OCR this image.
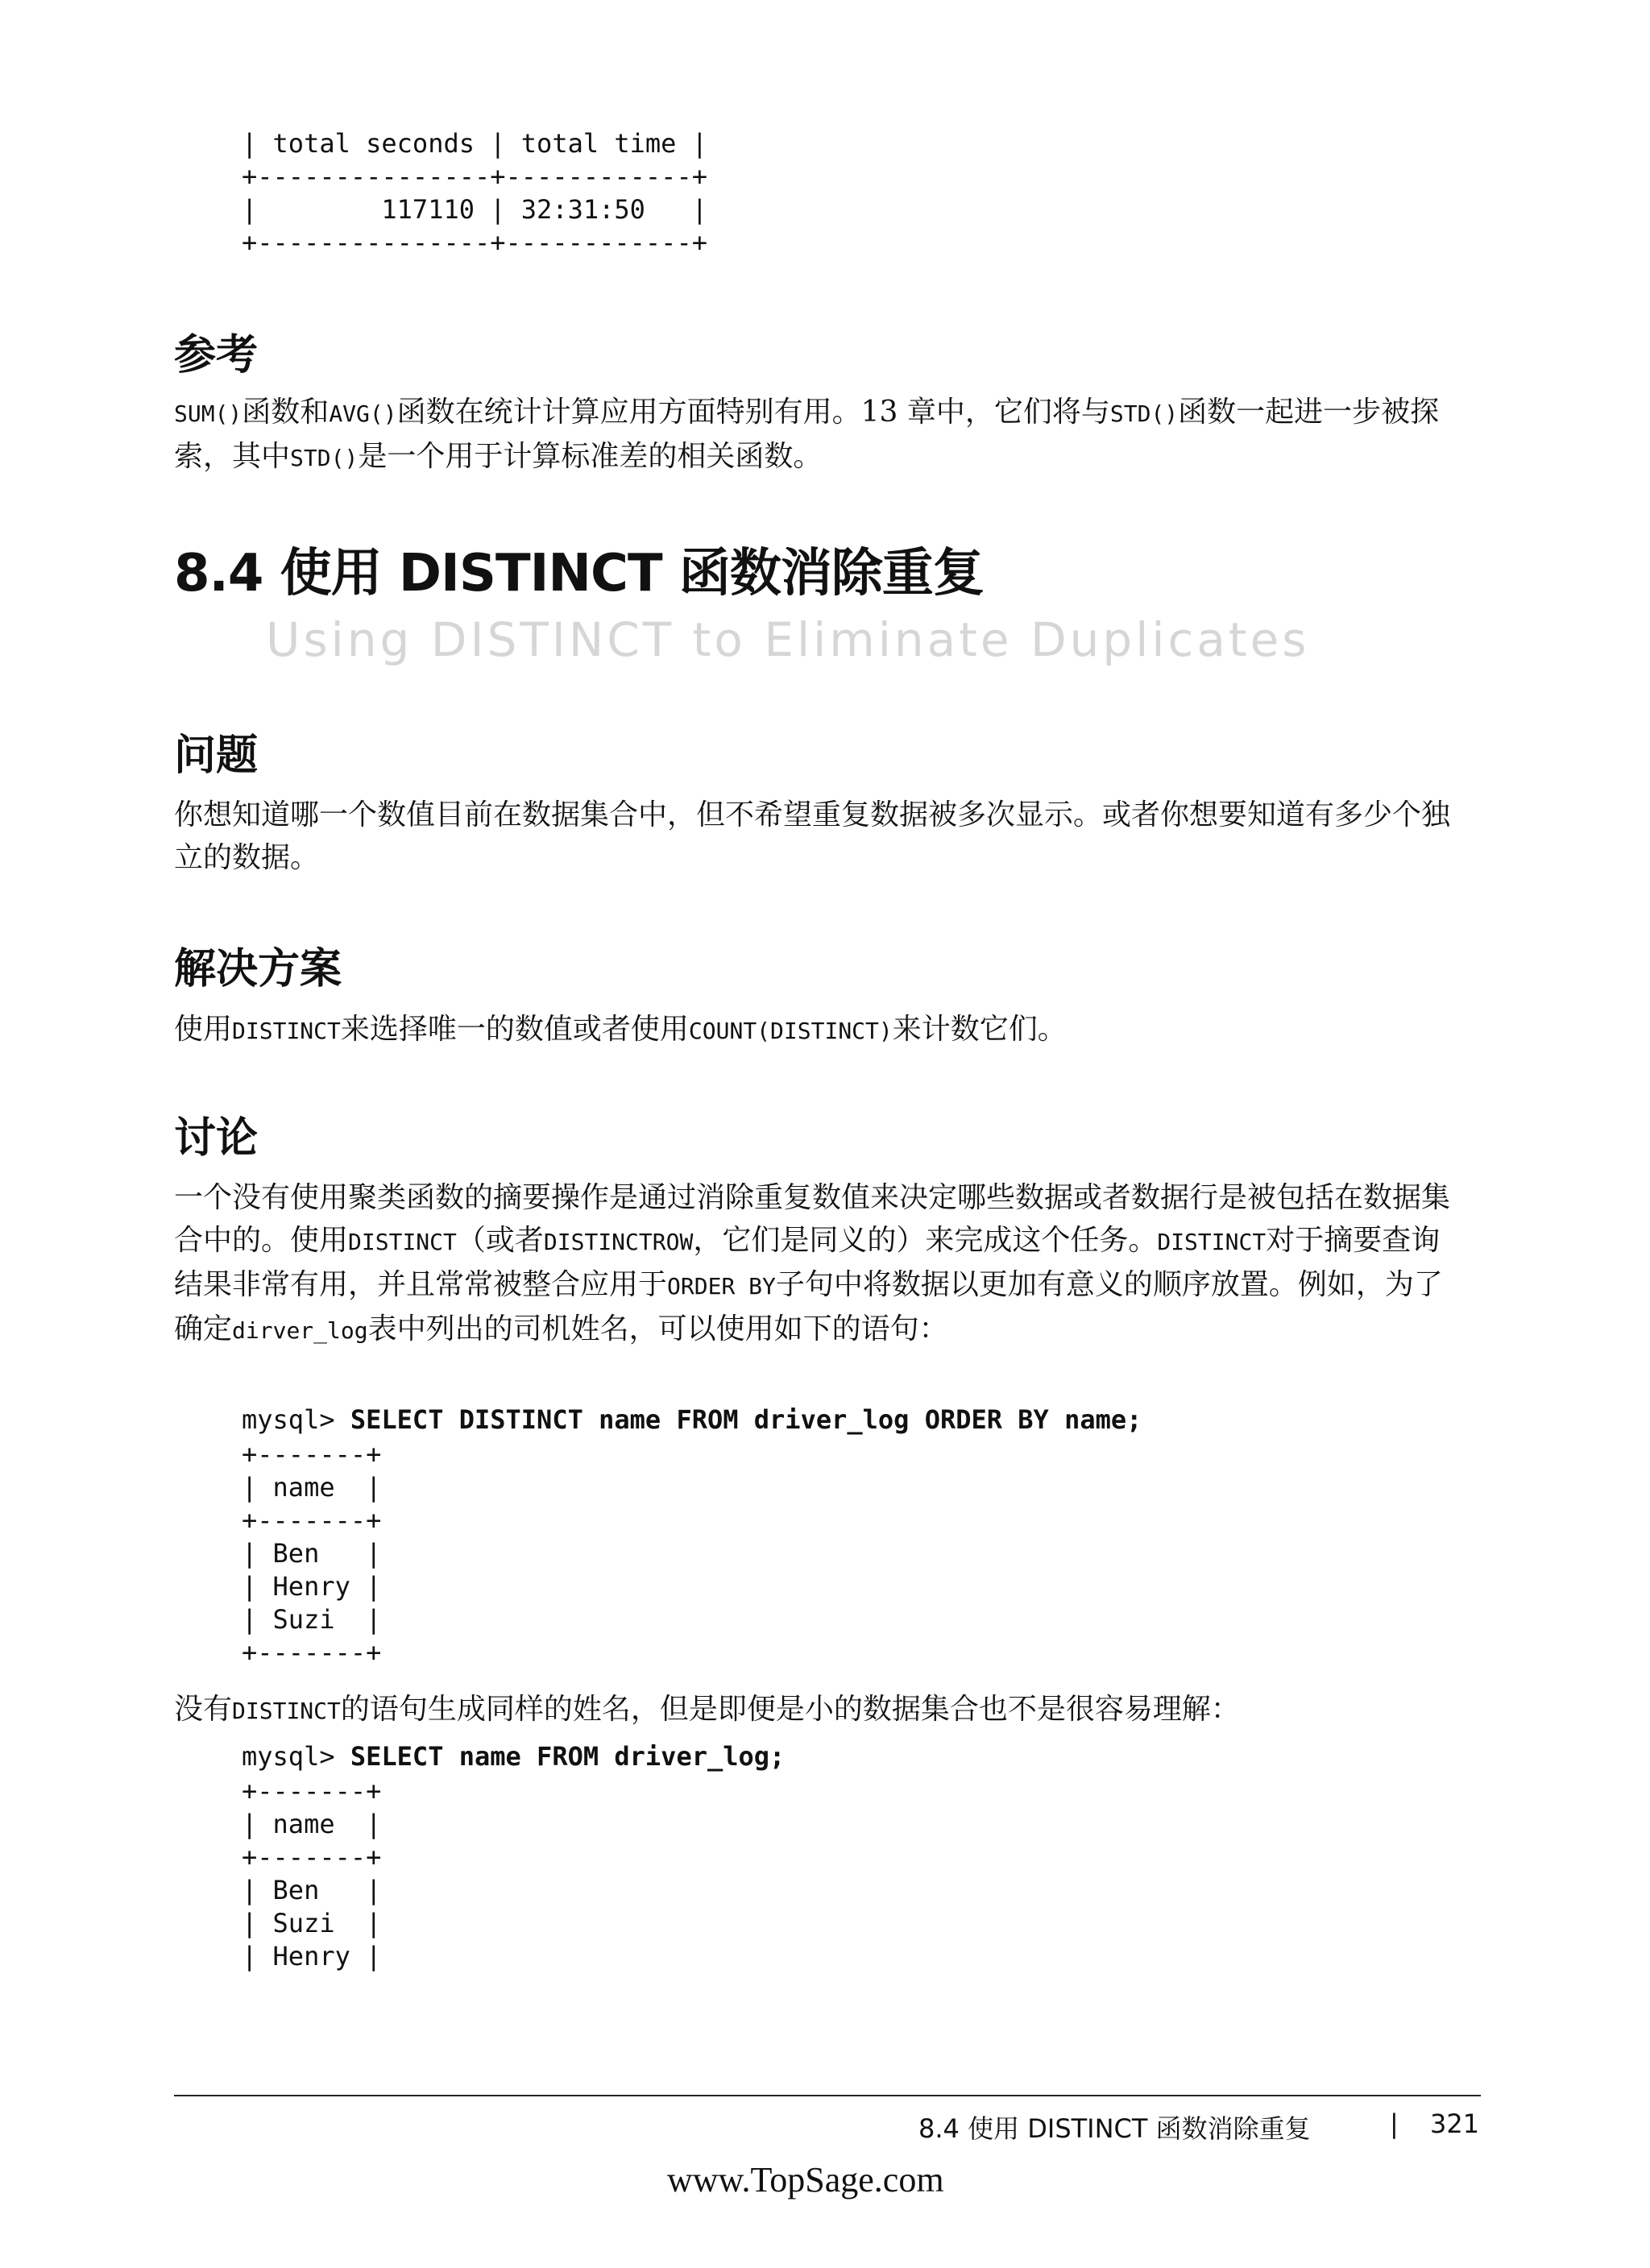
| total seconds | total time |
+---------------+------------+
|        117110 | 32:31:50   |
+---------------+------------+
参考

SUM()函数和AVG()函数在统计计算应用方面特别有用。13 章中，它们将与STD()函数一起进一步被探索，其中STD()是一个用于计算标准差的相关函数。

8.4 使用 DISTINCT 函数消除重复
Using DISTINCT to Eliminate Duplicates
问题

你想知道哪一个数值目前在数据集合中，但不希望重复数据被多次显示。或者你想要知道有多少个独立的数据。

解决方案

使用DISTINCT来选择唯一的数值或者使用COUNT(DISTINCT)来计数它们。

讨论

一个没有使用聚类函数的摘要操作是通过消除重复数值来决定哪些数据或者数据行是被包括在数据集合中的。使用DISTINCT（或者DISTINCTROW，它们是同义的）来完成这个任务。DISTINCT对于摘要查询结果非常有用，并且常常被整合应用于ORDER BY子句中将数据以更加有意义的顺序放置。例如，为了确定dirver_log表中列出的司机姓名，可以使用如下的语句：

mysql> SELECT DISTINCT name FROM driver_log ORDER BY name;
+-------+
| name  |
+-------+
| Ben   |
| Henry |
| Suzi  |
+-------+

没有DISTINCT的语句生成同样的姓名，但是即便是小的数据集合也不是很容易理解：

mysql> SELECT name FROM driver_log;
+-------+
| name  |
+-------+
| Ben   |
| Suzi  |
| Henry |
8.4 使用 DISTINCT 函数消除重复	| 321
www.TopSage.com
